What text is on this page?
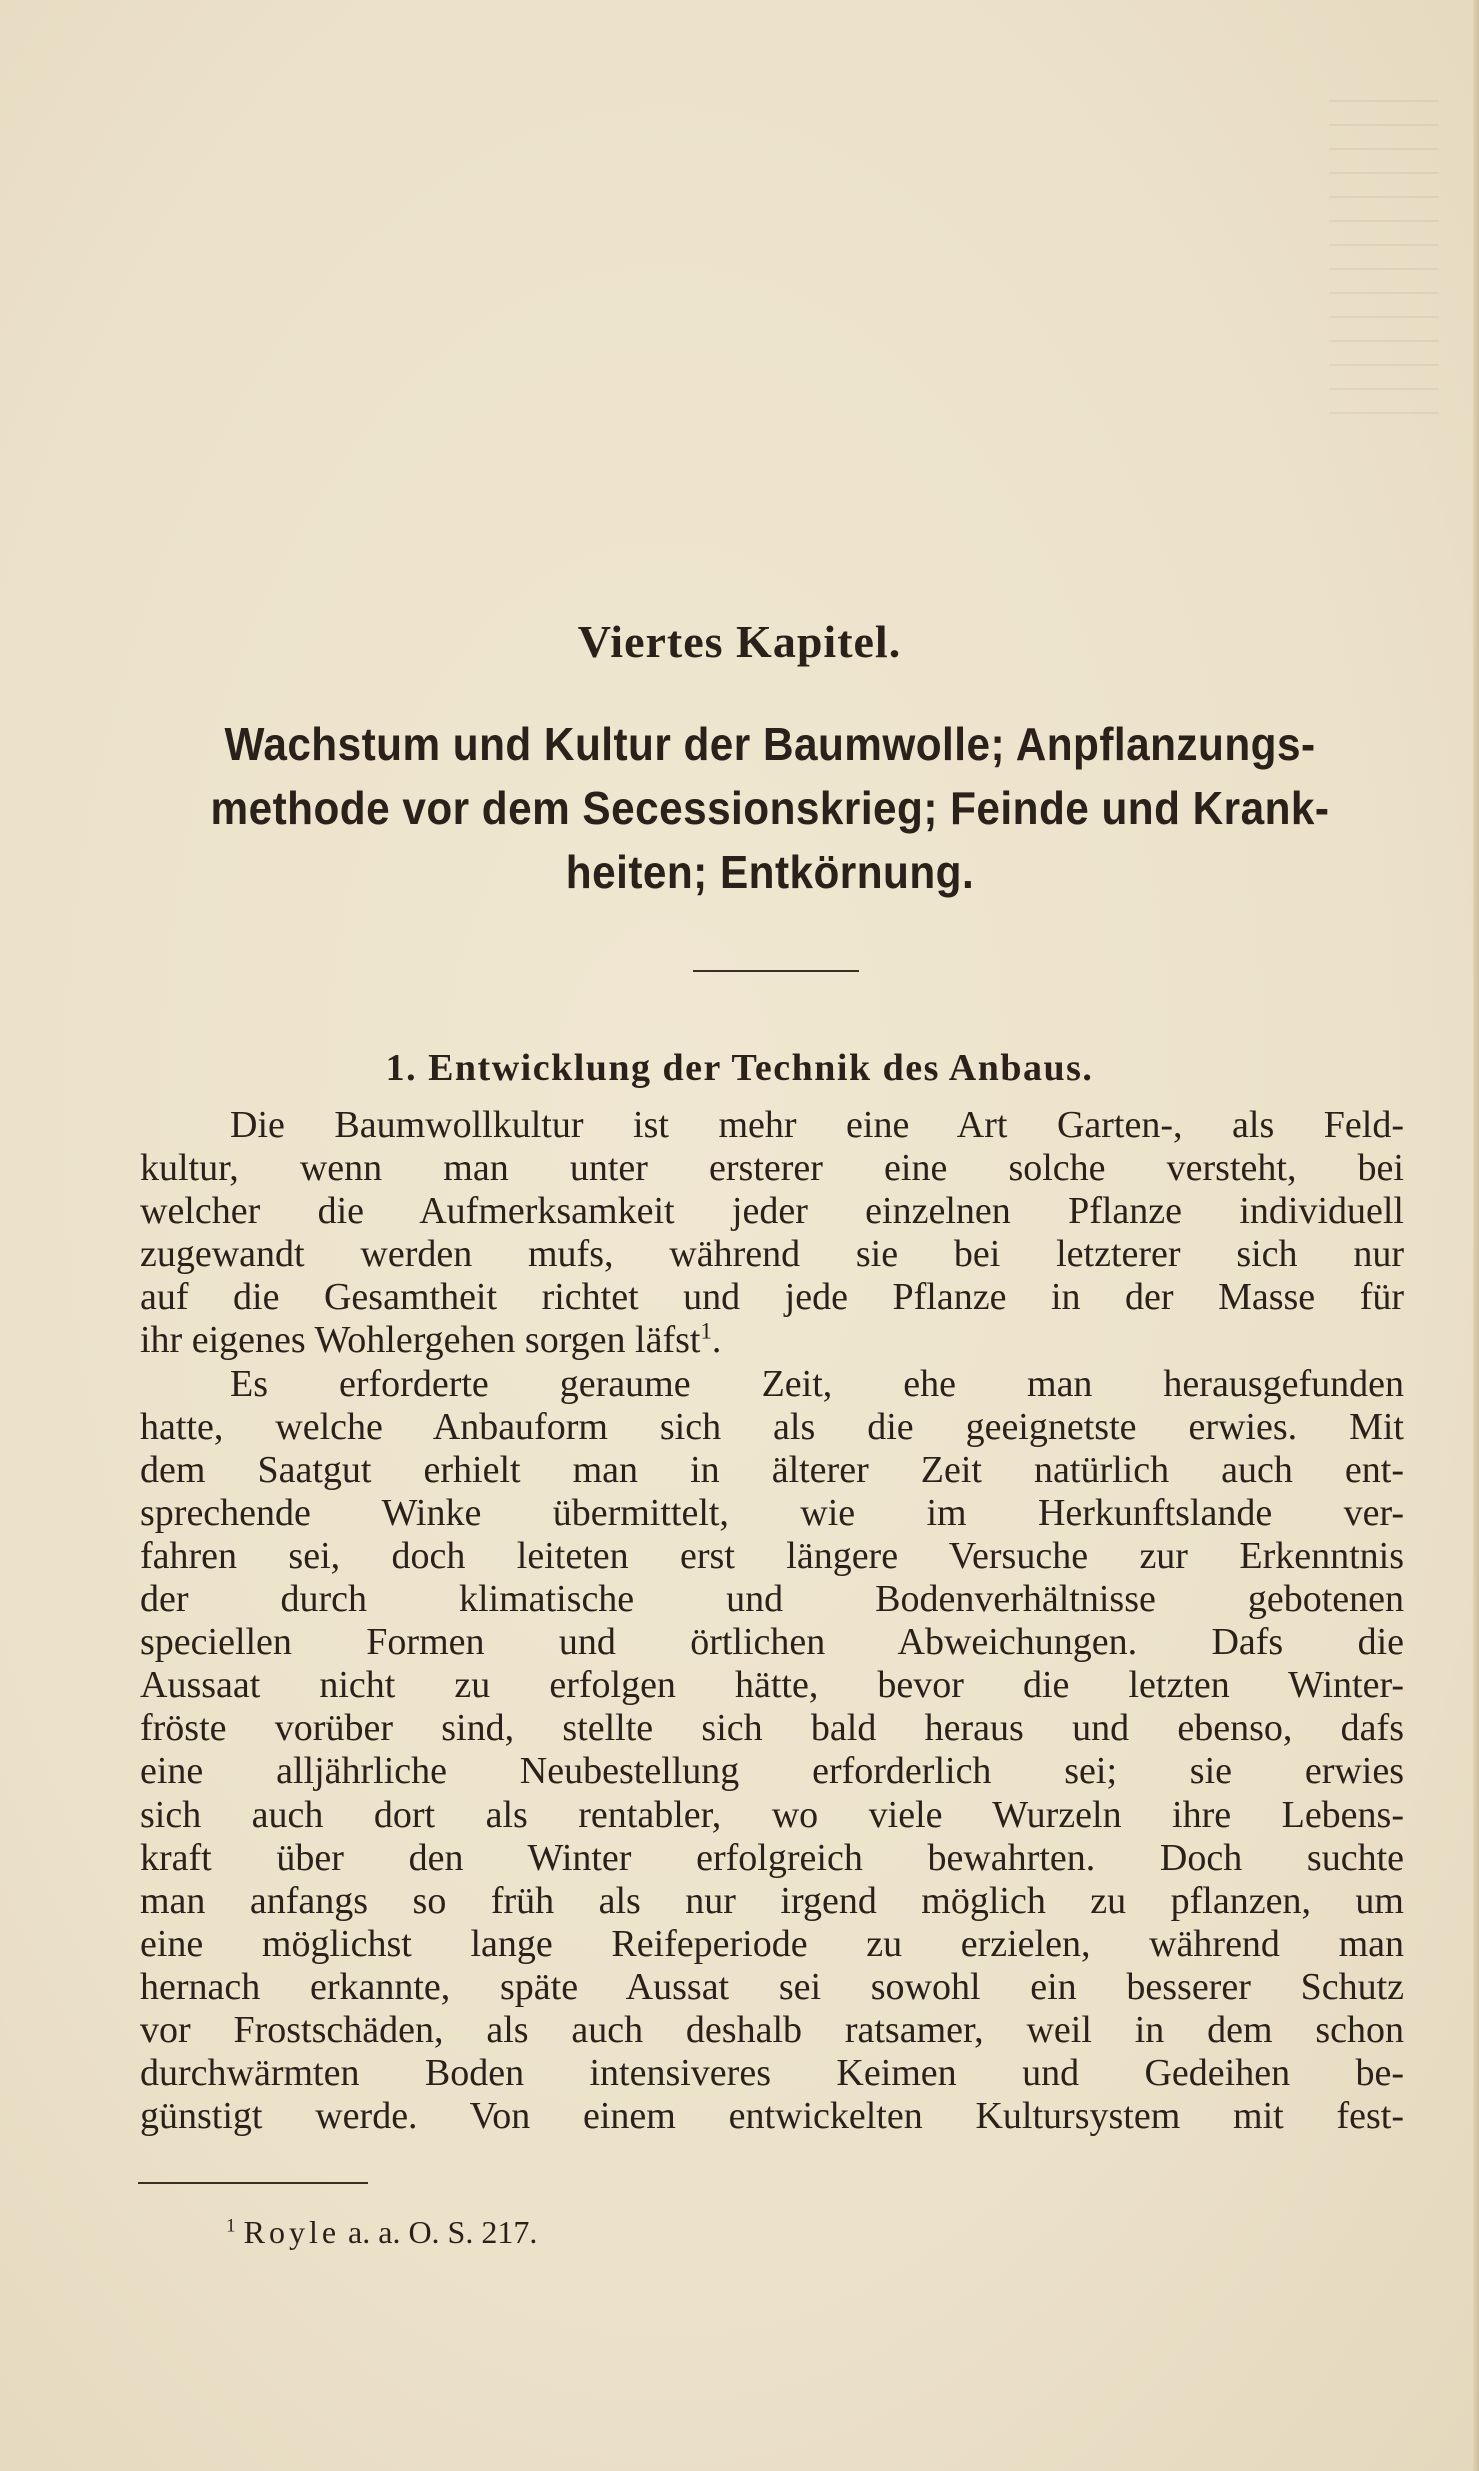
Viertes Kapitel.
Wachstum und Kultur der Baumwolle; Anpflanzungs-
methode vor dem Secessionskrieg; Feinde und Krank-
heiten; Entkörnung.
1. Entwicklung der Technik des Anbaus.
Die Baumwollkultur ist mehr eine Art Garten-, als Feld-
kultur, wenn man unter ersterer eine solche versteht, bei
welcher die Aufmerksamkeit jeder einzelnen Pflanze individuell
zugewandt werden mufs, während sie bei letzterer sich nur
auf die Gesamtheit richtet und jede Pflanze in der Masse für
ihr eigenes Wohlergehen sorgen läfst$^1$.
Es erforderte geraume Zeit, ehe man herausgefunden
hatte, welche Anbauform sich als die geeignetste erwies. Mit
dem Saatgut erhielt man in älterer Zeit natürlich auch ent-
sprechende Winke übermittelt, wie im Herkunftslande ver-
fahren sei, doch leiteten erst längere Versuche zur Erkenntnis
der durch klimatische und Bodenverhältnisse gebotenen
speciellen Formen und örtlichen Abweichungen. Dafs die
Aussaat nicht zu erfolgen hätte, bevor die letzten Winter-
fröste vorüber sind, stellte sich bald heraus und ebenso, dafs
eine alljährliche Neubestellung erforderlich sei; sie erwies
sich auch dort als rentabler, wo viele Wurzeln ihre Lebens-
kraft über den Winter erfolgreich bewahrten. Doch suchte
man anfangs so früh als nur irgend möglich zu pflanzen, um
eine möglichst lange Reifeperiode zu erzielen, während man
hernach erkannte, späte Aussat sei sowohl ein besserer Schutz
vor Frostschäden, als auch deshalb ratsamer, weil in dem schon
durchwärmten Boden intensiveres Keimen und Gedeihen be-
günstigt werde. Von einem entwickelten Kultursystem mit fest-

$^1$ Royle a. a. O. S. 217.
